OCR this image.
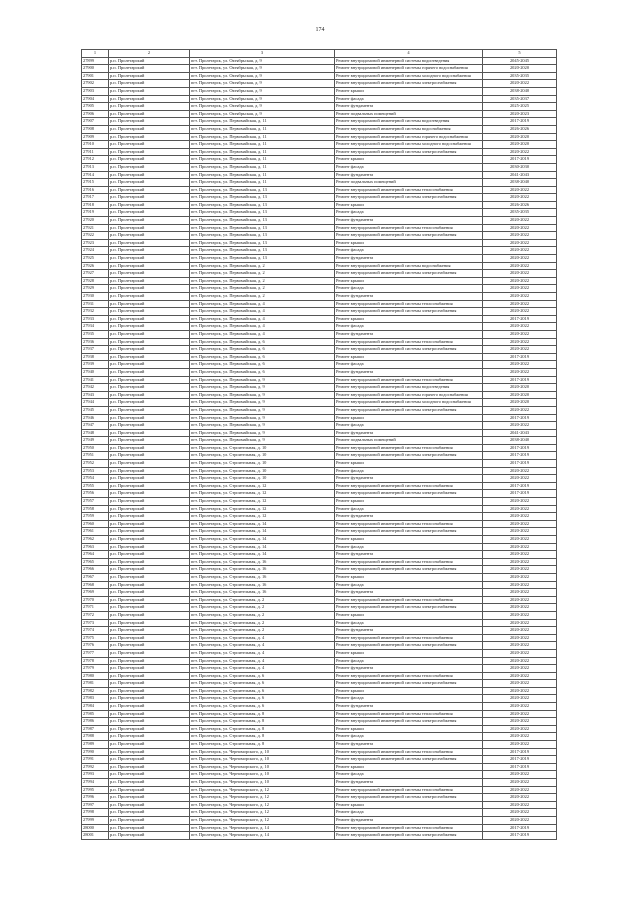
174
1	2	3	4	5
27899	р.п. Пролетарский	пгт. Пролетарск, ул. Октябрьская, д. 9	Ремонт внутридомовой инженерной системы водоотведения	2045-2045
27900	р.п. Пролетарский	пгт. Пролетарск, ул. Октябрьская, д. 9	Ремонт внутридомовой инженерной системы горячего водоснабжения	2020-2020
27901	р.п. Пролетарский	пгт. Пролетарск, ул. Октябрьская, д. 9	Ремонт внутридомовой инженерной системы холодного водоснабжения	2035-2035
27902	р.п. Пролетарский	пгт. Пролетарск, ул. Октябрьская, д. 9	Ремонт внутридомовой инженерной системы электроснабжения	2020-2022
27903	р.п. Пролетарский	пгт. Пролетарск, ул. Октябрьская, д. 9	Ремонт крыши	2038-2040
27904	р.п. Пролетарский	пгт. Пролетарск, ул. Октябрьская, д. 9	Ремонт фасада	2035-2037
27905	р.п. Пролетарский	пгт. Пролетарск, ул. Октябрьская, д. 9	Ремонт фундамента	2025-2025
27906	р.п. Пролетарский	пгт. Пролетарск, ул. Октябрьская, д. 9	Ремонт подвальных помещений	2020-2023
27907	р.п. Пролетарский	пгт. Пролетарск, ул. Первомайская, д. 11	Ремонт внутридомовой инженерной системы водоотведения	2017-2019
27908	р.п. Пролетарский	пгт. Пролетарск, ул. Первомайская, д. 11	Ремонт внутридомовой инженерной системы водоснабжения	2026-2026
27909	р.п. Пролетарский	пгт. Пролетарск, ул. Первомайская, д. 11	Ремонт внутридомовой инженерной системы горячего водоснабжения	2020-2020
27910	р.п. Пролетарский	пгт. Пролетарск, ул. Первомайская, д. 11	Ремонт внутридомовой инженерной системы холодного водоснабжения	2020-2020
27911	р.п. Пролетарский	пгт. Пролетарск, ул. Первомайская, д. 11	Ремонт внутридомовой инженерной системы электроснабжения	2020-2022
27912	р.п. Пролетарский	пгт. Пролетарск, ул. Первомайская, д. 11	Ремонт крыши	2017-2019
27913	р.п. Пролетарский	пгт. Пролетарск, ул. Первомайская, д. 11	Ремонт фасада	2030-2030
27914	р.п. Пролетарский	пгт. Пролетарск, ул. Первомайская, д. 11	Ремонт фундамента	2041-2043
27915	р.п. Пролетарский	пгт. Пролетарск, ул. Первомайская, д. 11	Ремонт подвальных помещений	2038-2040
27916	р.п. Пролетарский	пгт. Пролетарск, ул. Первомайская, д. 13	Ремонт внутридомовой инженерной системы теплоснабжения	2020-2022
27917	р.п. Пролетарский	пгт. Пролетарск, ул. Первомайская, д. 13	Ремонт внутридомовой инженерной системы электроснабжения	2020-2022
27918	р.п. Пролетарский	пгт. Пролетарск, ул. Первомайская, д. 13	Ремонт крыши	2026-2026
27919	р.п. Пролетарский	пгт. Пролетарск, ул. Первомайская, д. 13	Ремонт фасада	2035-2035
27920	р.п. Пролетарский	пгт. Пролетарск, ул. Первомайская, д. 13	Ремонт фундамента	2020-2022
27921	р.п. Пролетарский	пгт. Пролетарск, ул. Первомайская, д. 13	Ремонт внутридомовой инженерной системы теплоснабжения	2020-2022
27922	р.п. Пролетарский	пгт. Пролетарск, ул. Первомайская, д. 13	Ремонт внутридомовой инженерной системы электроснабжения	2020-2022
27923	р.п. Пролетарский	пгт. Пролетарск, ул. Первомайская, д. 13	Ремонт крыши	2020-2022
27924	р.п. Пролетарский	пгт. Пролетарск, ул. Первомайская, д. 13	Ремонт фасада	2020-2022
27925	р.п. Пролетарский	пгт. Пролетарск, ул. Первомайская, д. 13	Ремонт фундамента	2020-2022
27926	р.п. Пролетарский	пгт. Пролетарск, ул. Первомайская, д. 2	Ремонт внутридомовой инженерной системы водоснабжения	2020-2022
27927	р.п. Пролетарский	пгт. Пролетарск, ул. Первомайская, д. 2	Ремонт внутридомовой инженерной системы электроснабжения	2020-2022
27928	р.п. Пролетарский	пгт. Пролетарск, ул. Первомайская, д. 2	Ремонт крыши	2020-2022
27929	р.п. Пролетарский	пгт. Пролетарск, ул. Первомайская, д. 2	Ремонт фасада	2020-2022
27930	р.п. Пролетарский	пгт. Пролетарск, ул. Первомайская, д. 2	Ремонт фундамента	2020-2022
27931	р.п. Пролетарский	пгт. Пролетарск, ул. Первомайская, д. 4	Ремонт внутридомовой инженерной системы теплоснабжения	2020-2022
27932	р.п. Пролетарский	пгт. Пролетарск, ул. Первомайская, д. 4	Ремонт внутридомовой инженерной системы электроснабжения	2020-2022
27933	р.п. Пролетарский	пгт. Пролетарск, ул. Первомайская, д. 4	Ремонт крыши	2017-2019
27934	р.п. Пролетарский	пгт. Пролетарск, ул. Первомайская, д. 4	Ремонт фасада	2020-2022
27935	р.п. Пролетарский	пгт. Пролетарск, ул. Первомайская, д. 4	Ремонт фундамента	2020-2022
27936	р.п. Пролетарский	пгт. Пролетарск, ул. Первомайская, д. 6	Ремонт внутридомовой инженерной системы теплоснабжения	2020-2022
27937	р.п. Пролетарский	пгт. Пролетарск, ул. Первомайская, д. 6	Ремонт внутридомовой инженерной системы электроснабжения	2020-2022
27938	р.п. Пролетарский	пгт. Пролетарск, ул. Первомайская, д. 6	Ремонт крыши	2017-2019
27939	р.п. Пролетарский	пгт. Пролетарск, ул. Первомайская, д. 6	Ремонт фасада	2020-2022
27940	р.п. Пролетарский	пгт. Пролетарск, ул. Первомайская, д. 6	Ремонт фундамента	2020-2022
27941	р.п. Пролетарский	пгт. Пролетарск, ул. Первомайская, д. 9	Ремонт внутридомовой инженерной системы теплоснабжения	2017-2019
27942	р.п. Пролетарский	пгт. Пролетарск, ул. Первомайская, д. 9	Ремонт внутридомовой инженерной системы водоотведения	2020-2020
27943	р.п. Пролетарский	пгт. Пролетарск, ул. Первомайская, д. 9	Ремонт внутридомовой инженерной системы горячего водоснабжения	2020-2020
27944	р.п. Пролетарский	пгт. Пролетарск, ул. Первомайская, д. 9	Ремонт внутридомовой инженерной системы холодного водоснабжения	2020-2020
27945	р.п. Пролетарский	пгт. Пролетарск, ул. Первомайская, д. 9	Ремонт внутридомовой инженерной системы электроснабжения	2020-2022
27946	р.п. Пролетарский	пгт. Пролетарск, ул. Первомайская, д. 9	Ремонт крыши	2017-2019
27947	р.п. Пролетарский	пгт. Пролетарск, ул. Первомайская, д. 9	Ремонт фасада	2020-2022
27948	р.п. Пролетарский	пгт. Пролетарск, ул. Первомайская, д. 9	Ремонт фундамента	2041-2043
27949	р.п. Пролетарский	пгт. Пролетарск, ул. Первомайская, д. 9	Ремонт подвальных помещений	2038-2040
27950	р.п. Пролетарский	пгт. Пролетарск, ул. Строительная, д. 10	Ремонт внутридомовой инженерной системы теплоснабжения	2017-2019
27951	р.п. Пролетарский	пгт. Пролетарск, ул. Строительная, д. 10	Ремонт внутридомовой инженерной системы электроснабжения	2017-2019
27952	р.п. Пролетарский	пгт. Пролетарск, ул. Строительная, д. 10	Ремонт крыши	2017-2019
27953	р.п. Пролетарский	пгт. Пролетарск, ул. Строительная, д. 10	Ремонт фасада	2020-2022
27954	р.п. Пролетарский	пгт. Пролетарск, ул. Строительная, д. 10	Ремонт фундамента	2020-2022
27955	р.п. Пролетарский	пгт. Пролетарск, ул. Строительная, д. 12	Ремонт внутридомовой инженерной системы теплоснабжения	2017-2019
27956	р.п. Пролетарский	пгт. Пролетарск, ул. Строительная, д. 12	Ремонт внутридомовой инженерной системы электроснабжения	2017-2019
27957	р.п. Пролетарский	пгт. Пролетарск, ул. Строительная, д. 12	Ремонт крыши	2020-2022
27958	р.п. Пролетарский	пгт. Пролетарск, ул. Строительная, д. 12	Ремонт фасада	2020-2022
27959	р.п. Пролетарский	пгт. Пролетарск, ул. Строительная, д. 12	Ремонт фундамента	2020-2022
27960	р.п. Пролетарский	пгт. Пролетарск, ул. Строительная, д. 14	Ремонт внутридомовой инженерной системы теплоснабжения	2020-2022
27961	р.п. Пролетарский	пгт. Пролетарск, ул. Строительная, д. 14	Ремонт внутридомовой инженерной системы электроснабжения	2020-2022
27962	р.п. Пролетарский	пгт. Пролетарск, ул. Строительная, д. 14	Ремонт крыши	2020-2022
27963	р.п. Пролетарский	пгт. Пролетарск, ул. Строительная, д. 14	Ремонт фасада	2020-2022
27964	р.п. Пролетарский	пгт. Пролетарск, ул. Строительная, д. 14	Ремонт фундамента	2020-2022
27965	р.п. Пролетарский	пгт. Пролетарск, ул. Строительная, д. 16	Ремонт внутридомовой инженерной системы теплоснабжения	2020-2022
27966	р.п. Пролетарский	пгт. Пролетарск, ул. Строительная, д. 16	Ремонт внутридомовой инженерной системы электроснабжения	2020-2022
27967	р.п. Пролетарский	пгт. Пролетарск, ул. Строительная, д. 16	Ремонт крыши	2020-2022
27968	р.п. Пролетарский	пгт. Пролетарск, ул. Строительная, д. 16	Ремонт фасада	2020-2022
27969	р.п. Пролетарский	пгт. Пролетарск, ул. Строительная, д. 16	Ремонт фундамента	2020-2022
27970	р.п. Пролетарский	пгт. Пролетарск, ул. Строительная, д. 2	Ремонт внутридомовой инженерной системы теплоснабжения	2020-2022
27971	р.п. Пролетарский	пгт. Пролетарск, ул. Строительная, д. 2	Ремонт внутридомовой инженерной системы электроснабжения	2020-2022
27972	р.п. Пролетарский	пгт. Пролетарск, ул. Строительная, д. 2	Ремонт крыши	2020-2022
27973	р.п. Пролетарский	пгт. Пролетарск, ул. Строительная, д. 2	Ремонт фасада	2020-2022
27974	р.п. Пролетарский	пгт. Пролетарск, ул. Строительная, д. 2	Ремонт фундамента	2020-2022
27975	р.п. Пролетарский	пгт. Пролетарск, ул. Строительная, д. 4	Ремонт внутридомовой инженерной системы теплоснабжения	2020-2022
27976	р.п. Пролетарский	пгт. Пролетарск, ул. Строительная, д. 4	Ремонт внутридомовой инженерной системы электроснабжения	2020-2022
27977	р.п. Пролетарский	пгт. Пролетарск, ул. Строительная, д. 4	Ремонт крыши	2020-2022
27978	р.п. Пролетарский	пгт. Пролетарск, ул. Строительная, д. 4	Ремонт фасада	2020-2022
27979	р.п. Пролетарский	пгт. Пролетарск, ул. Строительная, д. 4	Ремонт фундамента	2020-2022
27980	р.п. Пролетарский	пгт. Пролетарск, ул. Строительная, д. 6	Ремонт внутридомовой инженерной системы теплоснабжения	2020-2022
27981	р.п. Пролетарский	пгт. Пролетарск, ул. Строительная, д. 6	Ремонт внутридомовой инженерной системы электроснабжения	2020-2022
27982	р.п. Пролетарский	пгт. Пролетарск, ул. Строительная, д. 6	Ремонт крыши	2020-2022
27983	р.п. Пролетарский	пгт. Пролетарск, ул. Строительная, д. 6	Ремонт фасада	2020-2022
27984	р.п. Пролетарский	пгт. Пролетарск, ул. Строительная, д. 6	Ремонт фундамента	2020-2022
27985	р.п. Пролетарский	пгт. Пролетарск, ул. Строительная, д. 8	Ремонт внутридомовой инженерной системы теплоснабжения	2020-2022
27986	р.п. Пролетарский	пгт. Пролетарск, ул. Строительная, д. 8	Ремонт внутридомовой инженерной системы электроснабжения	2020-2022
27987	р.п. Пролетарский	пгт. Пролетарск, ул. Строительная, д. 8	Ремонт крыши	2020-2022
27988	р.п. Пролетарский	пгт. Пролетарск, ул. Строительная, д. 8	Ремонт фасада	2020-2022
27989	р.п. Пролетарский	пгт. Пролетарск, ул. Строительная, д. 8	Ремонт фундамента	2020-2022
27990	р.п. Пролетарский	пгт. Пролетарск, ул. Черноморского, д. 10	Ремонт внутридомовой инженерной системы теплоснабжения	2017-2019
27991	р.п. Пролетарский	пгт. Пролетарск, ул. Черноморского, д. 10	Ремонт внутридомовой инженерной системы электроснабжения	2017-2019
27992	р.п. Пролетарский	пгт. Пролетарск, ул. Черноморского, д. 10	Ремонт крыши	2017-2019
27993	р.п. Пролетарский	пгт. Пролетарск, ул. Черноморского, д. 10	Ремонт фасада	2020-2022
27994	р.п. Пролетарский	пгт. Пролетарск, ул. Черноморского, д. 10	Ремонт фундамента	2020-2022
27995	р.п. Пролетарский	пгт. Пролетарск, ул. Черноморского, д. 12	Ремонт внутридомовой инженерной системы теплоснабжения	2020-2022
27996	р.п. Пролетарский	пгт. Пролетарск, ул. Черноморского, д. 12	Ремонт внутридомовой инженерной системы электроснабжения	2020-2022
27997	р.п. Пролетарский	пгт. Пролетарск, ул. Черноморского, д. 12	Ремонт крыши	2020-2022
27998	р.п. Пролетарский	пгт. Пролетарск, ул. Черноморского, д. 12	Ремонт фасада	2020-2022
27999	р.п. Пролетарский	пгт. Пролетарск, ул. Черноморского, д. 12	Ремонт фундамента	2020-2022
28000	р.п. Пролетарский	пгт. Пролетарск, ул. Черноморского, д. 14	Ремонт внутридомовой инженерной системы теплоснабжения	2017-2019
28001	р.п. Пролетарский	пгт. Пролетарск, ул. Черноморского, д. 14	Ремонт внутридомовой инженерной системы электроснабжения	2017-2019
